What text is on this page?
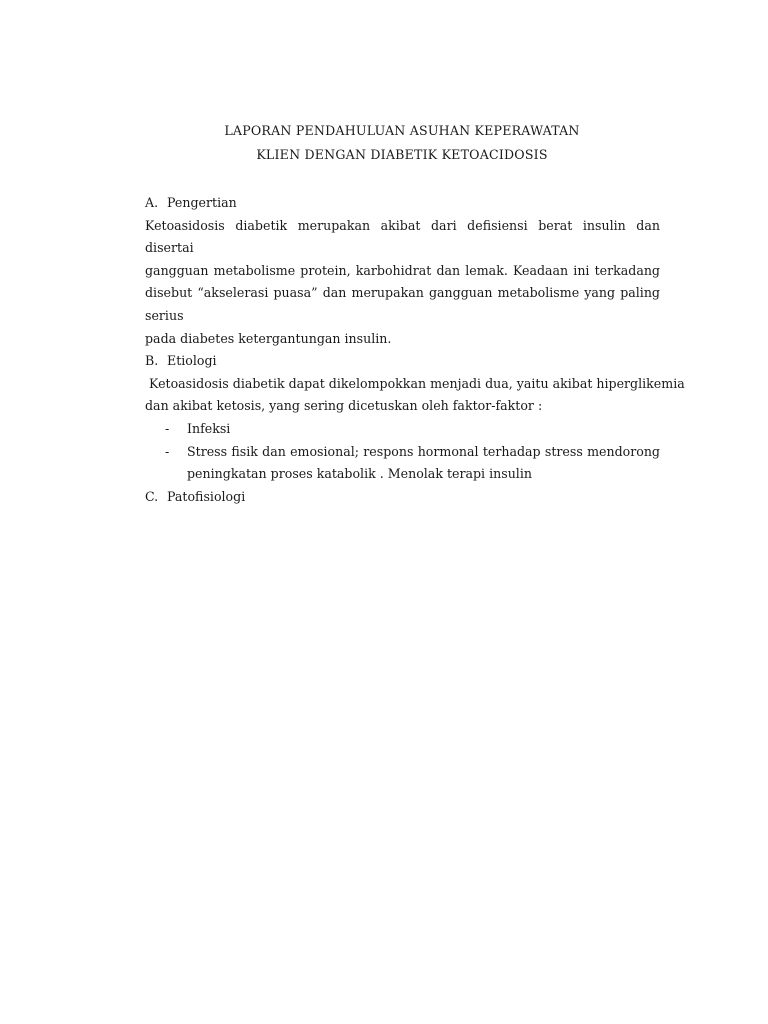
LAPORAN PENDAHULUAN ASUHAN KEPERAWATAN
KLIEN DENGAN DIABETIK KETOACIDOSIS
A. Pengertian
Ketoasidosis diabetik merupakan akibat dari defisiensi berat insulin dan disertai
gangguan metabolisme protein, karbohidrat dan lemak. Keadaan ini terkadang
disebut “akselerasi puasa” dan merupakan gangguan metabolisme yang paling serius
pada diabetes ketergantungan insulin.
B. Etiologi
Ketoasidosis diabetik dapat dikelompokkan menjadi dua, yaitu akibat hiperglikemia
dan akibat ketosis, yang sering dicetuskan oleh faktor-faktor :
-	Infeksi
-	Stress fisik dan emosional; respons hormonal terhadap stress mendorong
peningkatan proses katabolik . Menolak terapi insulin
C. Patofisiologi
